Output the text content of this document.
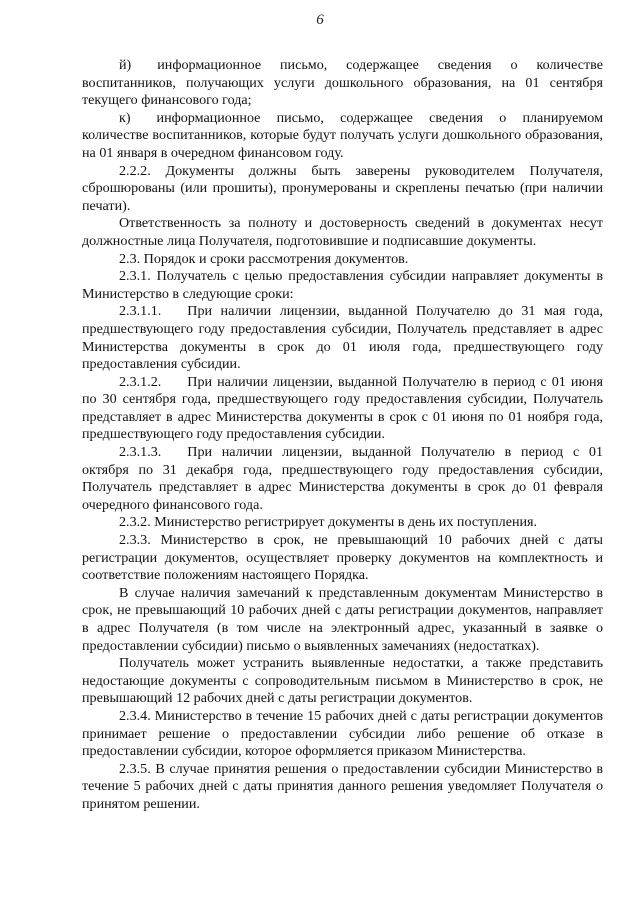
6

й) информационное письмо, содержащее сведения о количестве воспитанников, получающих услуги дошкольного образования, на 01 сентября текущего финансового года;

к) информационное письмо, содержащее сведения о планируемом количестве воспитанников, которые будут получать услуги дошкольного образования, на 01 января в очередном финансовом году.

2.2.2. Документы должны быть заверены руководителем Получателя, сброшюрованы (или прошиты), пронумерованы и скреплены печатью (при наличии печати).

Ответственность за полноту и достоверность сведений в документах несут должностные лица Получателя, подготовившие и подписавшие документы.

2.3. Порядок и сроки рассмотрения документов.

2.3.1. Получатель с целью предоставления субсидии направляет документы в Министерство в следующие сроки:

2.3.1.1. При наличии лицензии, выданной Получателю до 31 мая года, предшествующего году предоставления субсидии, Получатель представляет в адрес Министерства документы в срок до 01 июля года, предшествующего году предоставления субсидии.

2.3.1.2. При наличии лицензии, выданной Получателю в период с 01 июня по 30 сентября года, предшествующего году предоставления субсидии, Получатель представляет в адрес Министерства документы в срок с 01 июня по 01 ноября года, предшествующего году предоставления субсидии.

2.3.1.3. При наличии лицензии, выданной Получателю в период с 01 октября по 31 декабря года, предшествующего году предоставления субсидии, Получатель представляет в адрес Министерства документы в срок до 01 февраля очередного финансового года.

2.3.2. Министерство регистрирует документы в день их поступления.

2.3.3. Министерство в срок, не превышающий 10 рабочих дней с даты регистрации документов, осуществляет проверку документов на комплектность и соответствие положениям настоящего Порядка.

В случае наличия замечаний к представленным документам Министерство в срок, не превышающий 10 рабочих дней с даты регистрации документов, направляет в адрес Получателя (в том числе на электронный адрес, указанный в заявке о предоставлении субсидии) письмо о выявленных замечаниях (недостатках).

Получатель может устранить выявленные недостатки, а также представить недостающие документы с сопроводительным письмом в Министерство в срок, не превышающий 12 рабочих дней с даты регистрации документов.

2.3.4. Министерство в течение 15 рабочих дней с даты регистрации документов принимает решение о предоставлении субсидии либо решение об отказе в предоставлении субсидии, которое оформляется приказом Министерства.

2.3.5. В случае принятия решения о предоставлении субсидии Министерство в течение 5 рабочих дней с даты принятия данного решения уведомляет Получателя о принятом решении.
